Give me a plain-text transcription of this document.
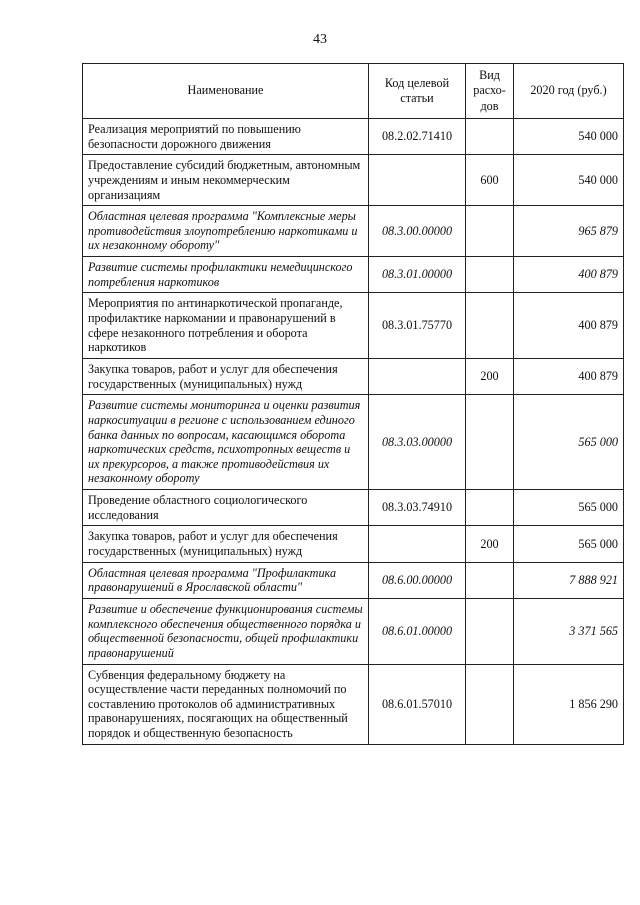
43
Наименование	Код целевой статьи	Вид расхо-дов	2020 год (руб.)
Реализация мероприятий по повышению безопасности дорожного движения	08.2.02.71410		540 000
Предоставление субсидий бюджетным, автономным учреждениям и иным некоммерческим организациям		600	540 000
Областная целевая программа "Комплексные меры противодействия злоупотреблению наркотиками и их незаконному обороту"	08.3.00.00000		965 879
Развитие системы профилактики немедицинского потребления наркотиков	08.3.01.00000		400 879
Мероприятия по антинаркотической пропаганде, профилактике наркомании и правонарушений в сфере незаконного потребления и оборота наркотиков	08.3.01.75770		400 879
Закупка товаров, работ и услуг для обеспечения государственных (муниципальных) нужд		200	400 879
Развитие системы мониторинга и оценки развития наркоситуации в регионе с использованием единого банка данных по вопросам, касающимся оборота наркотических средств, психотропных веществ и их прекурсоров, а также противодействия их незаконному обороту	08.3.03.00000		565 000
Проведение областного социологического исследования	08.3.03.74910		565 000
Закупка товаров, работ и услуг для обеспечения государственных (муниципальных) нужд		200	565 000
Областная целевая программа "Профилактика правонарушений в Ярославской области"	08.6.00.00000		7 888 921
Развитие и обеспечение функционирования системы комплексного обеспечения общественного порядка и общественной безопасности, общей профилактики правонарушений	08.6.01.00000		3 371 565
Субвенция федеральному бюджету на осуществление части переданных полномочий по составлению протоколов об административных правонарушениях, посягающих на общественный порядок и общественную безопасность	08.6.01.57010		1 856 290
